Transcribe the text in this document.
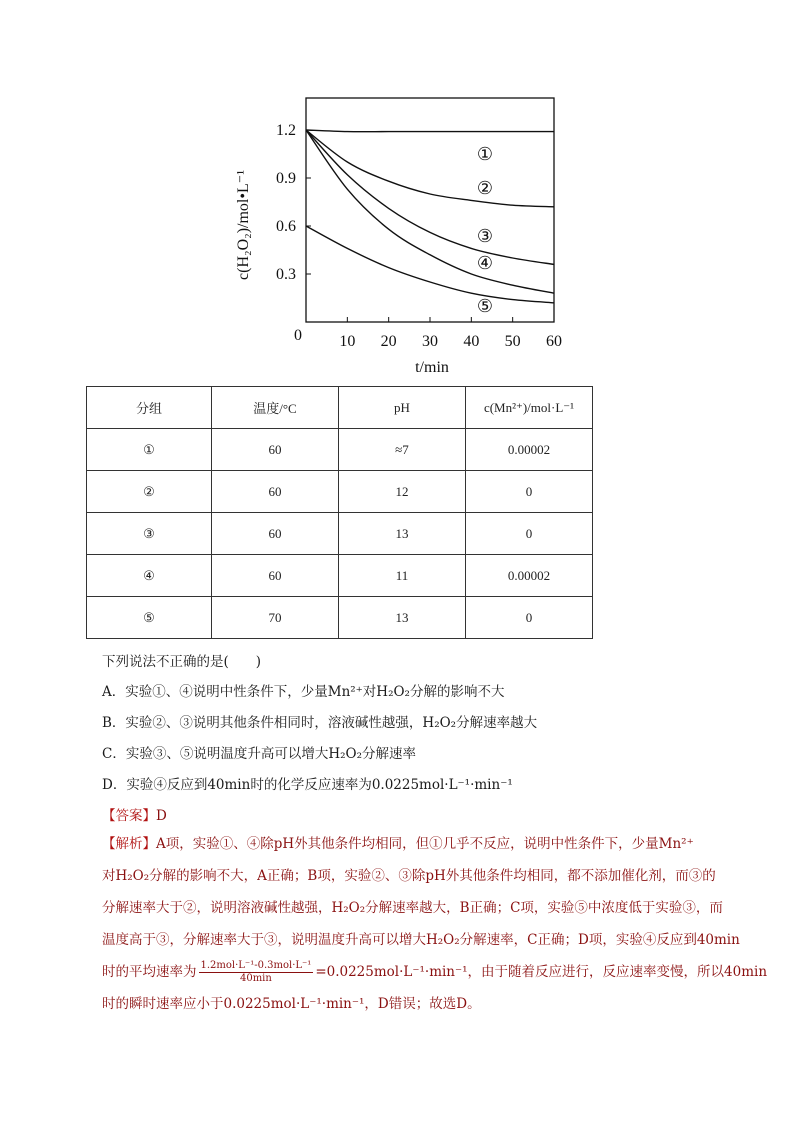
①
②
③
④
⑤
10 20 30 40 50 60
0.3
0.6
0.9
1.2
c(H₂O₂)/mol•L⁻¹
t/min
0
分组	温度/°C	pH	c(Mn²⁺)/mol·L⁻¹
①	60	≈7	0.00002
②	60	12	0
③	60	13	0
④	60	11	0.00002
⑤	70	13	0
下列说法不正确的是(　　)
A．实验①、④说明中性条件下，少量Mn²⁺对H₂O₂分解的影响不大
B．实验②、③说明其他条件相同时，溶液碱性越强，H₂O₂分解速率越大
C．实验③、⑤说明温度升高可以增大H₂O₂分解速率
D．实验④反应到40min时的化学反应速率为0.0225mol·L⁻¹·min⁻¹
【答案】D
【解析】A项，实验①、④除pH外其他条件均相同，但①几乎不反应，说明中性条件下，少量Mn²⁺
对H₂O₂分解的影响不大，A正确；B项，实验②、③除pH外其他条件均相同，都不添加催化剂，而③的
分解速率大于②，说明溶液碱性越强，H₂O₂分解速率越大，B正确；C项，实验⑤中浓度低于实验③，而
温度高于③，分解速率大于③，说明温度升高可以增大H₂O₂分解速率，C正确；D项，实验④反应到40min
时的平均速率为 $\frac{\text{1.2mol·L⁻¹-0.3mol·L⁻¹}}{40\min} =0.0225mol\cdot L^{-1}\cdot\min^{-1}$，由于随着反应进行，反应速率变慢，所以40min
时的瞬时速率应小于0.0225mol·L⁻¹·min⁻¹，D错误；故选D。
